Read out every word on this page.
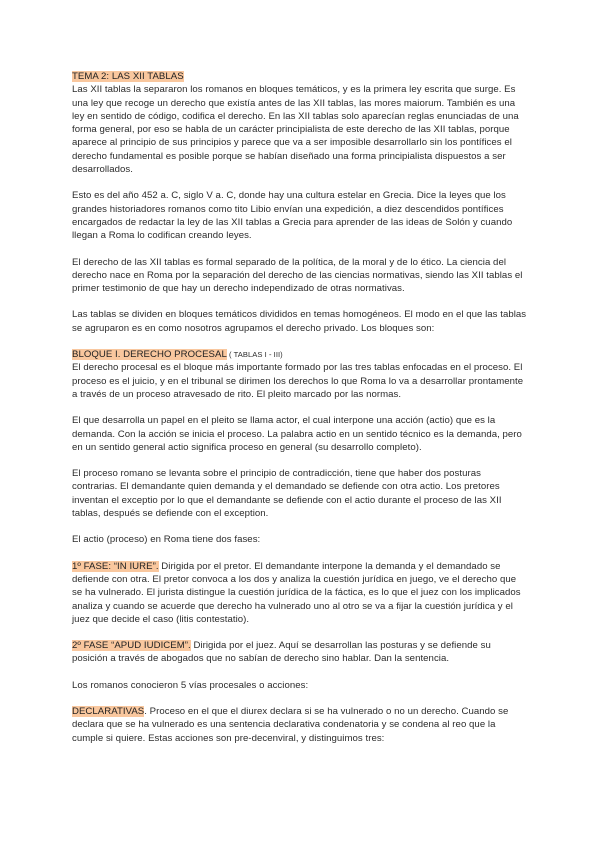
TEMA 2: LAS XII TABLAS

Las XII tablas la separaron los romanos en bloques temáticos, y es la primera ley escrita que surge. Es una ley que recoge un derecho que existía antes de las XII tablas, las mores maiorum. También es una ley en sentido de código, codifica el derecho. En las XII tablas solo aparecían reglas enunciadas de una forma general, por eso se habla de un carácter principialista de este derecho de las XII tablas, porque aparece al principio de sus principios y parece que va a ser imposible desarrollarlo sin los pontífices el derecho fundamental es posible porque se habían diseñado una forma principialista dispuestos a ser desarrollados.

Esto es del año 452 a. C, siglo V a. C, donde hay una cultura estelar en Grecia. Dice la leyes que los grandes historiadores romanos como tito Libio envían una expedición, a diez descendidos pontífices encargados de redactar la ley de las XII tablas a Grecia para aprender de las ideas de Solón y cuando llegan a Roma lo codifican creando leyes.

El derecho de las XII tablas es formal separado de la política, de la moral y de lo ético. La ciencia del derecho nace en Roma por la separación del derecho de las ciencias normativas, siendo las XII tablas el primer testimonio de que hay un derecho independizado de otras normativas.

Las tablas se dividen en bloques temáticos divididos en temas homogéneos. El modo en el que las tablas se agruparon es en como nosotros agrupamos el derecho privado. Los bloques son:

BLOQUE I. DERECHO PROCESAL ( TABLAS I - III)

El derecho procesal es el bloque más importante formado por las tres tablas enfocadas en el proceso. El proceso es el juicio, y en el tribunal se dirimen los derechos lo que Roma lo va a desarrollar prontamente a través de un proceso atravesado de rito. El pleito marcado por las normas.

El que desarrolla un papel en el pleito se llama actor, el cual interpone una acción (actio) que es la demanda. Con la acción se inicia el proceso. La palabra actio en un sentido técnico es la demanda, pero en un sentido general actio significa proceso en general (su desarrollo completo).

El proceso romano se levanta sobre el principio de contradicción, tiene que haber dos posturas contrarias. El demandante quien demanda y el demandado se defiende con otra actio. Los pretores inventan el exceptio por lo que el demandante se defiende con el actio durante el proceso de las XII tablas, después se defiende con el exception.

El actio (proceso) en Roma tiene dos fases:

1º FASE: “IN IURE”. Dirigida por el pretor. El demandante interpone la demanda y el demandado se defiende con otra. El pretor convoca a los dos y analiza la cuestión jurídica en juego, ve el derecho que se ha vulnerado. El jurista distingue la cuestión jurídica de la fáctica, es lo que el juez con los implicados analiza y cuando se acuerde que derecho ha vulnerado uno al otro se va a fijar la cuestión jurídica y el juez que decide el caso (litis contestatio).

2º FASE “APUD IUDICEM”. Dirigida por el juez. Aquí se desarrollan las posturas y se defiende su posición a través de abogados que no sabían de derecho sino hablar. Dan la sentencia.

Los romanos conocieron 5 vías procesales o acciones:

DECLARATIVAS. Proceso en el que el diurex declara si se ha vulnerado o no un derecho. Cuando se declara que se ha vulnerado es una sentencia declarativa condenatoria y se condena al reo que la cumple si quiere. Estas acciones son pre-decenviral, y distinguimos tres:
